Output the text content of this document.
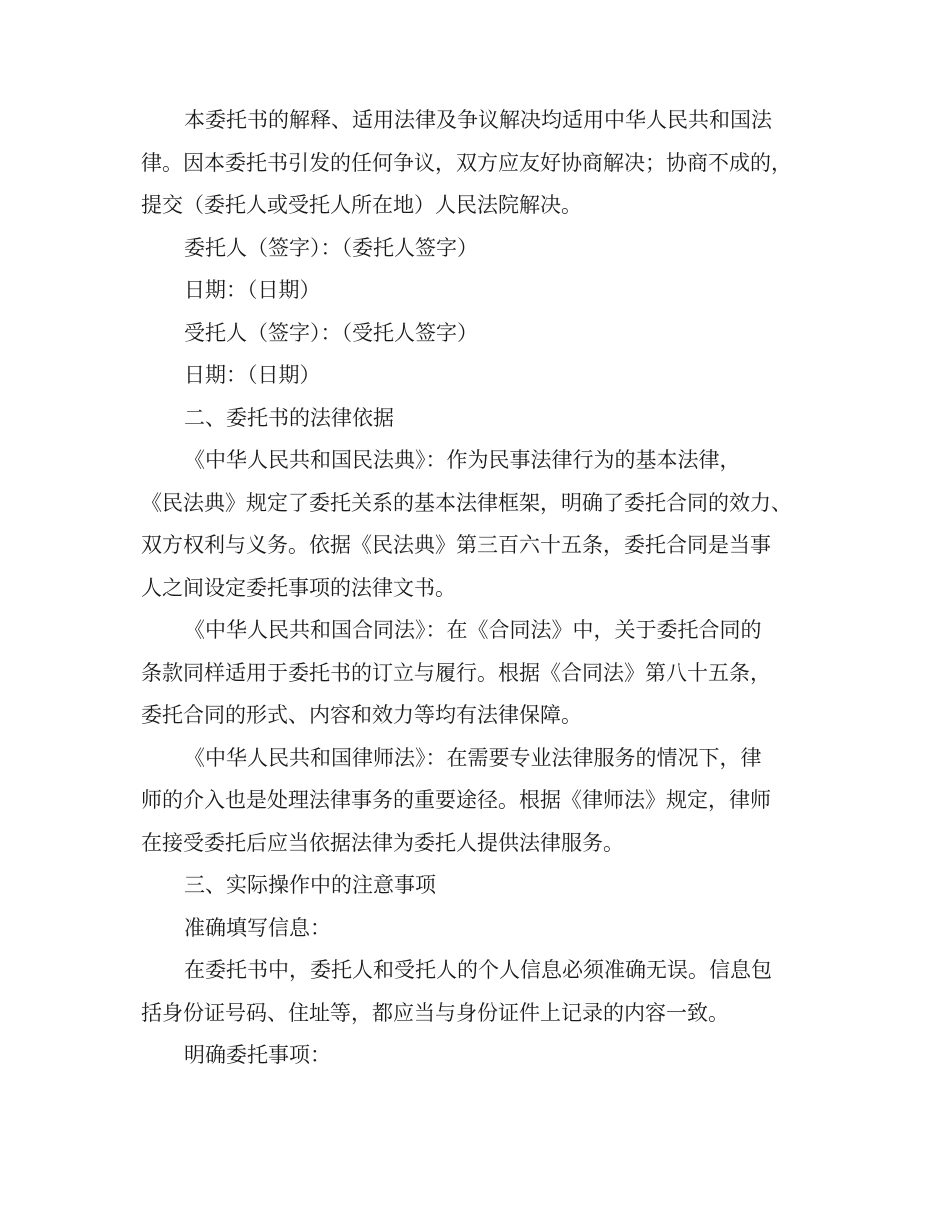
本委托书的解释、适用法律及争议解决均适用中华人民共和国法
律。因本委托书引发的任何争议，双方应友好协商解决；协商不成的，
提交（委托人或受托人所在地）人民法院解决。
委托人（签字）：（委托人签字）
日期：（日期）
受托人（签字）：（受托人签字）
日期：（日期）
二、委托书的法律依据
《中华人民共和国民法典》：作为民事法律行为的基本法律，
《民法典》规定了委托关系的基本法律框架，明确了委托合同的效力、
双方权利与义务。依据《民法典》第三百六十五条，委托合同是当事
人之间设定委托事项的法律文书。
《中华人民共和国合同法》：在《合同法》中，关于委托合同的
条款同样适用于委托书的订立与履行。根据《合同法》第八十五条，
委托合同的形式、内容和效力等均有法律保障。
《中华人民共和国律师法》：在需要专业法律服务的情况下，律
师的介入也是处理法律事务的重要途径。根据《律师法》规定，律师
在接受委托后应当依据法律为委托人提供法律服务。
三、实际操作中的注意事项
准确填写信息：
在委托书中，委托人和受托人的个人信息必须准确无误。信息包
括身份证号码、住址等，都应当与身份证件上记录的内容一致。
明确委托事项：
